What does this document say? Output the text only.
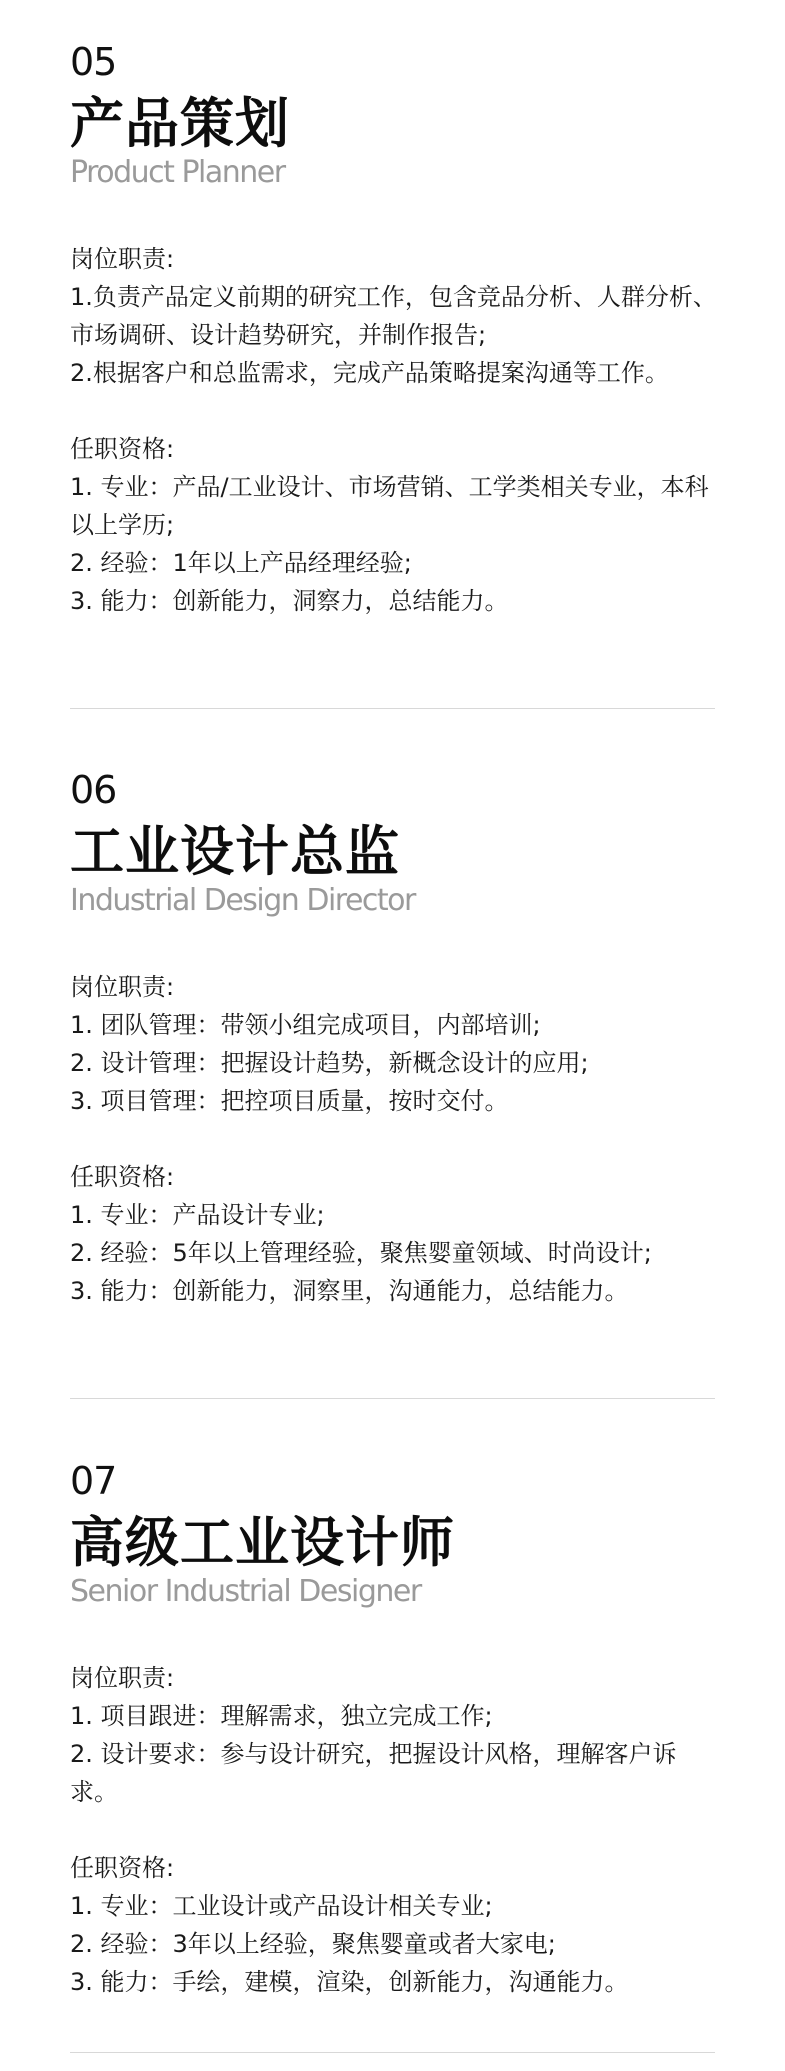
05
产品策划
Product Planner
岗位职责:
1.负责产品定义前期的研究工作，包含竞品分析、人群分析、
市场调研、设计趋势研究，并制作报告;
2.根据客户和总监需求，完成产品策略提案沟通等工作。
任职资格:
1. 专业：产品/工业设计、市场营销、工学类相关专业，本科
以上学历;
2. 经验：1年以上产品经理经验;
3. 能力：创新能力，洞察力，总结能力。
06
工业设计总监
Industrial Design Director
岗位职责:
1. 团队管理：带领小组完成项目，内部培训;
2. 设计管理：把握设计趋势，新概念设计的应用;
3. 项目管理：把控项目质量，按时交付。
任职资格:
1. 专业：产品设计专业;
2. 经验：5年以上管理经验，聚焦婴童领域、时尚设计;
3. 能力：创新能力，洞察里，沟通能力，总结能力。
07
高级工业设计师
Senior Industrial Designer
岗位职责:
1. 项目跟进：理解需求，独立完成工作;
2. 设计要求：参与设计研究，把握设计风格，理解客户诉求。
任职资格:
1. 专业：工业设计或产品设计相关专业;
2. 经验：3年以上经验，聚焦婴童或者大家电;
3. 能力：手绘，建模，渲染，创新能力，沟通能力。
